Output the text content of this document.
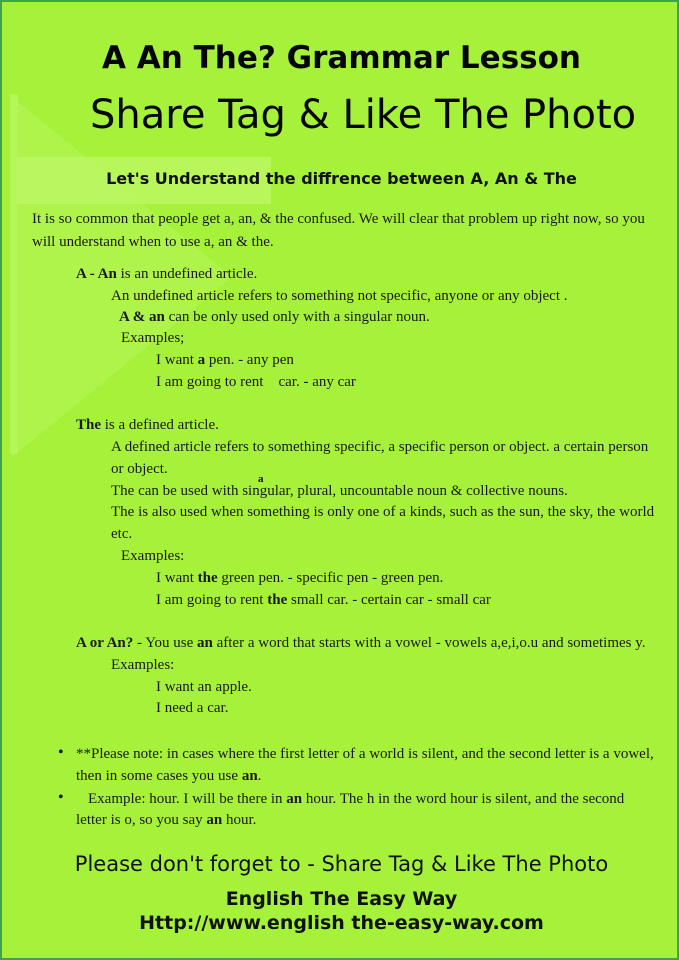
A An The? Grammar Lesson
Share Tag & Like The Photo
Let's Understand the diffrence between A, An & The
It is so common that people get a, an, & the confused. We will clear that problem up right now, so you
will understand when to use a, an & the.
A - An is an undefined article.
An undefined article refers to something not specific, anyone or any object .
A & an can be only used only with a singular noun.
Examples;
I want a pen. - any pen
I am going to rent    car. - any car
The is a defined article.
A defined article refers to something specific, a specific person or object. a certain person
or object.
a
The can be used with singular, plural, uncountable noun & collective nouns.
The is also used when something is only one of a kinds, such as the sun, the sky, the world
etc.
Examples:
I want the green pen. - specific pen - green pen.
I am going to rent the small car. - certain car - small car
A or An? - You use an after a word that starts with a vowel - vowels a,e,i,o.u and sometimes y.
Examples:
I want an apple.
I need a car.
• **Please note: in cases where the first letter of a world is silent, and the second letter is a vowel,
then in some cases you use an.
• Example: hour. I will be there in an hour. The h in the word hour is silent, and the second
letter is o, so you say an hour.
Please don't forget to - Share Tag & Like The Photo
English The Easy Way
Http://www.english the-easy-way.com
